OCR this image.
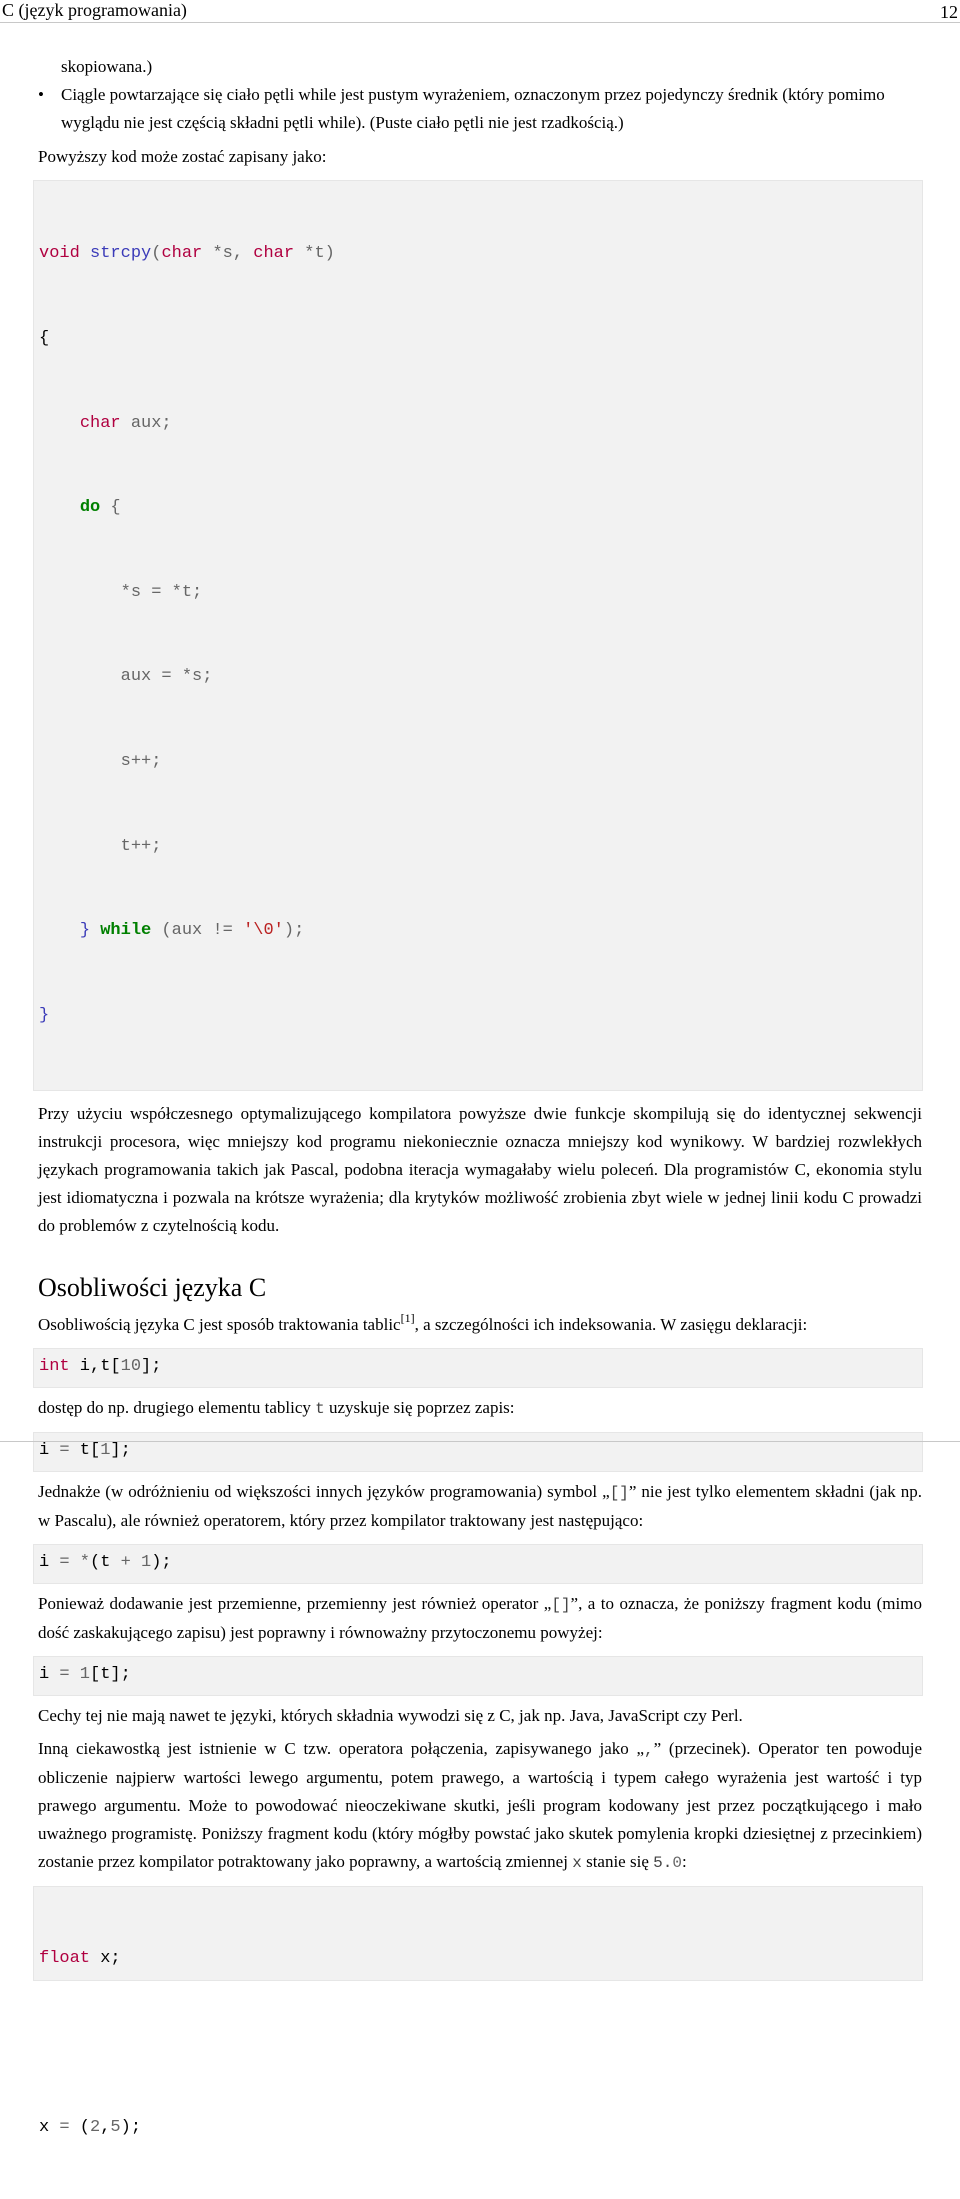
C (język programowania)	12

skopiowana.)

• Ciągle powtarzające się ciało pętli while jest pustym wyrażeniem, oznaczonym przez pojedynczy średnik (który pomimo wyglądu nie jest częścią składni pętli while). (Puste ciało pętli nie jest rzadkością.)

Powyższy kod może zostać zapisany jako:

void strcpy(char *s, char *t)

{

char aux;

do {

*s = *t;

aux = *s;

s++;

t++;

} while (aux != '\0');

}

Przy użyciu współczesnego optymalizującego kompilatora powyższe dwie funkcje skompilują się do identycznej sekwencji instrukcji procesora, więc mniejszy kod programu niekoniecznie oznacza mniejszy kod wynikowy. W bardziej rozwlekłych językach programowania takich jak Pascal, podobna iteracja wymagałaby wielu poleceń. Dla programistów C, ekonomia stylu jest idiomatyczna i pozwala na krótsze wyrażenia; dla krytyków możliwość zrobienia zbyt wiele w jednej linii kodu C prowadzi do problemów z czytelnością kodu.

Osobliwości języka C

Osobliwością języka C jest sposób traktowania tablic[1], a szczególności ich indeksowania. W zasięgu deklaracji:

int i,t[10];

dostęp do np. drugiego elementu tablicy t uzyskuje się poprzez zapis:

i = t[1];

Jednakże (w odróżnieniu od większości innych języków programowania) symbol „[]” nie jest tylko elementem składni (jak np. w Pascalu), ale również operatorem, który przez kompilator traktowany jest następująco:

i = *(t + 1);

Ponieważ dodawanie jest przemienne, przemienny jest również operator „[]”, a to oznacza, że poniższy fragment kodu (mimo dość zaskakującego zapisu) jest poprawny i równoważny przytoczonemu powyżej:

i = 1[t];

Cechy tej nie mają nawet te języki, których składnia wywodzi się z C, jak np. Java, JavaScript czy Perl.

Inną ciekawostką jest istnienie w C tzw. operatora połączenia, zapisywanego jako „,” (przecinek). Operator ten powoduje obliczenie najpierw wartości lewego argumentu, potem prawego, a wartością i typem całego wyrażenia jest wartość i typ prawego argumentu. Może to powodować nieoczekiwane skutki, jeśli program kodowany jest przez początkującego i mało uważnego programistę. Poniższy fragment kodu (który mógłby powstać jako skutek pomylenia kropki dziesiętnej z przecinkiem) zostanie przez kompilator potraktowany jako poprawny, a wartością zmiennej x stanie się 5.0:

float x;

x = (2,5);
